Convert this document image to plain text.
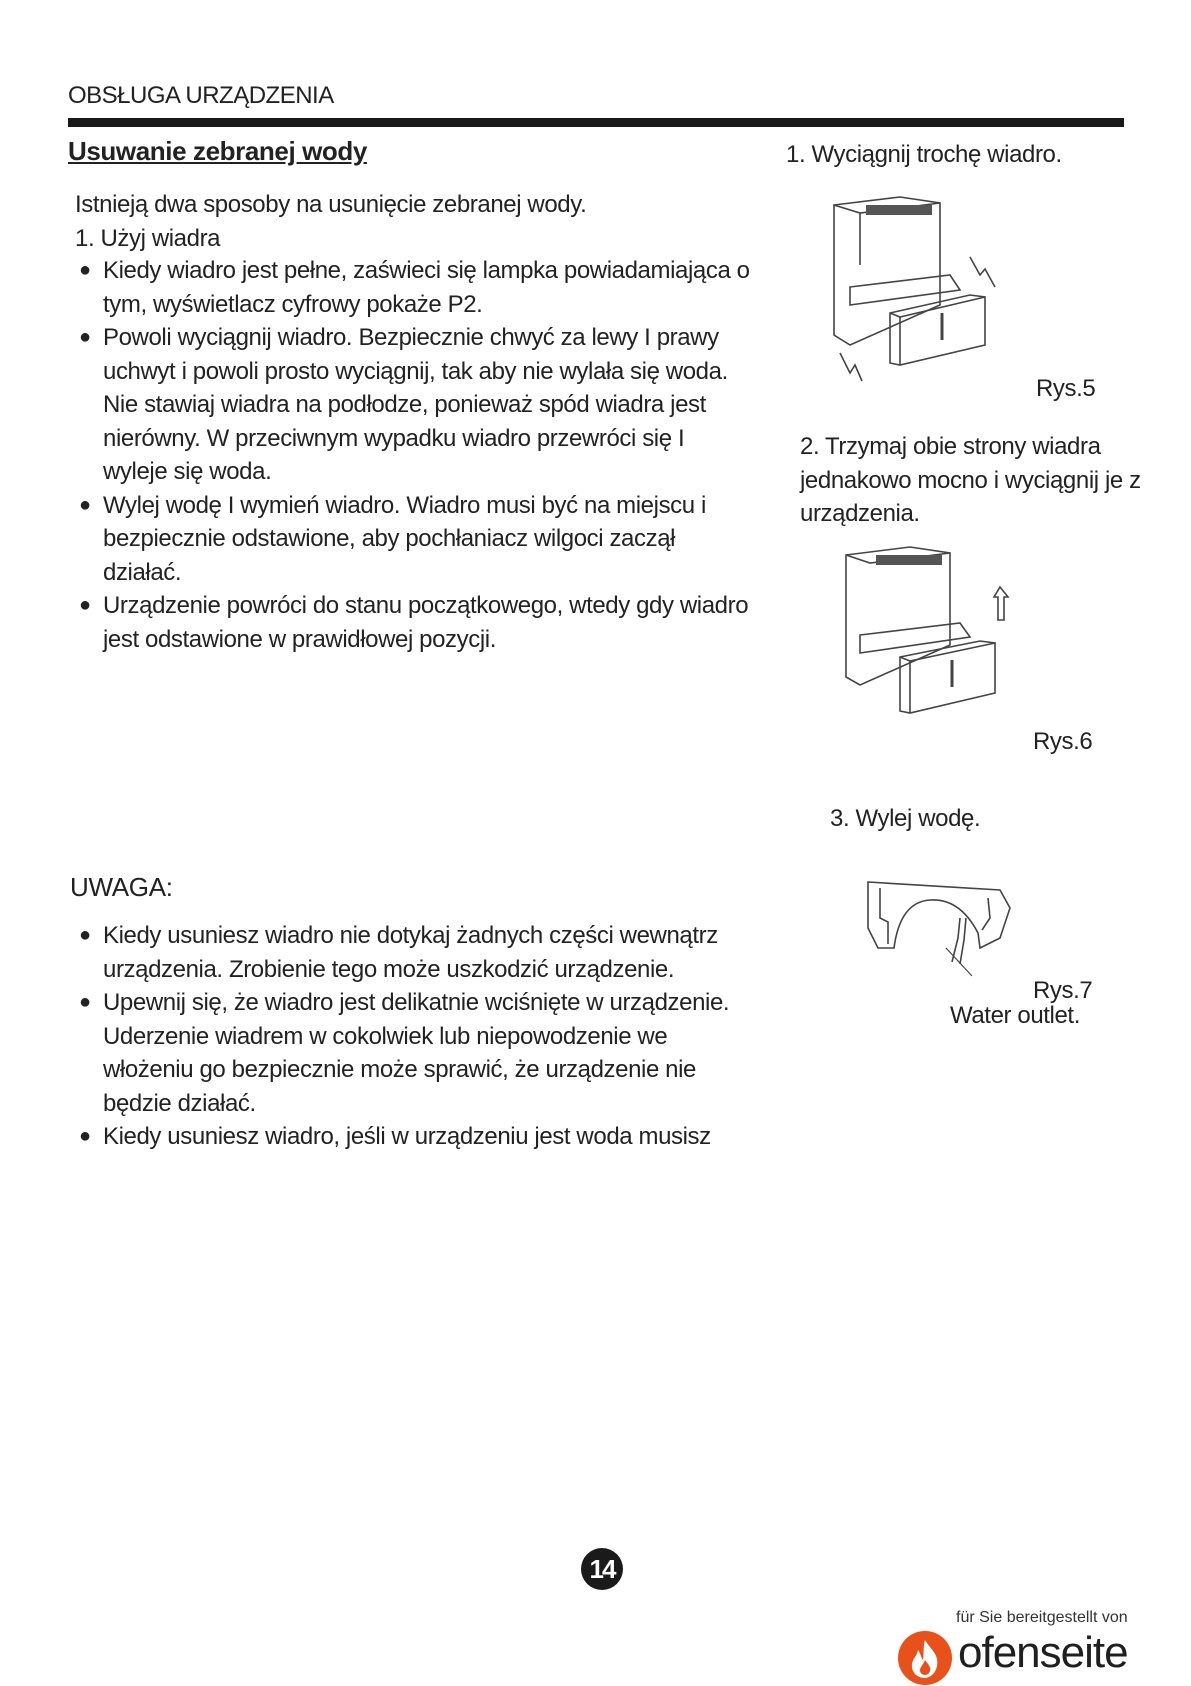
OBSŁUGA URZĄDZENIA
Usuwanie zebranej wody
Istnieją dwa sposoby na usunięcie zebranej wody.
1. Użyj wiadra
● Kiedy wiadro jest pełne, zaświeci się lampka powiadamiająca o tym, wyświetlacz cyfrowy pokaże P2.
● Powoli wyciągnij wiadro. Bezpiecznie chwyć za lewy I prawy uchwyt i powoli prosto wyciągnij, tak aby nie wylała się woda. Nie stawiaj wiadra na podłodze, ponieważ spód wiadra jest nierówny. W przeciwnym wypadku wiadro przewróci się I wyleje się woda.
● Wylej wodę I wymień wiadro. Wiadro musi być na miejscu i bezpiecznie odstawione, aby pochłaniacz wilgoci zaczął działać.
● Urządzenie powróci do stanu początkowego, wtedy gdy wiadro jest odstawione w prawidłowej pozycji.
UWAGA:
● Kiedy usuniesz wiadro nie dotykaj żadnych części wewnątrz urządzenia. Zrobienie tego może uszkodzić urządzenie.
● Upewnij się, że wiadro jest delikatnie wciśnięte w urządzenie. Uderzenie wiadrem w cokolwiek lub niepowodzenie we włożeniu go bezpiecznie może sprawić, że urządzenie nie będzie działać.
● Kiedy usuniesz wiadro, jeśli w urządzeniu jest woda musisz
1. Wyciągnij trochę wiadro.
Rys.5
2. Trzymaj obie strony wiadra jednakowo mocno i wyciągnij je z urządzenia.
Rys.6
3. Wylej wodę.
Rys.7
Water outlet.
14
für Sie bereitgestellt von
ofenseite
